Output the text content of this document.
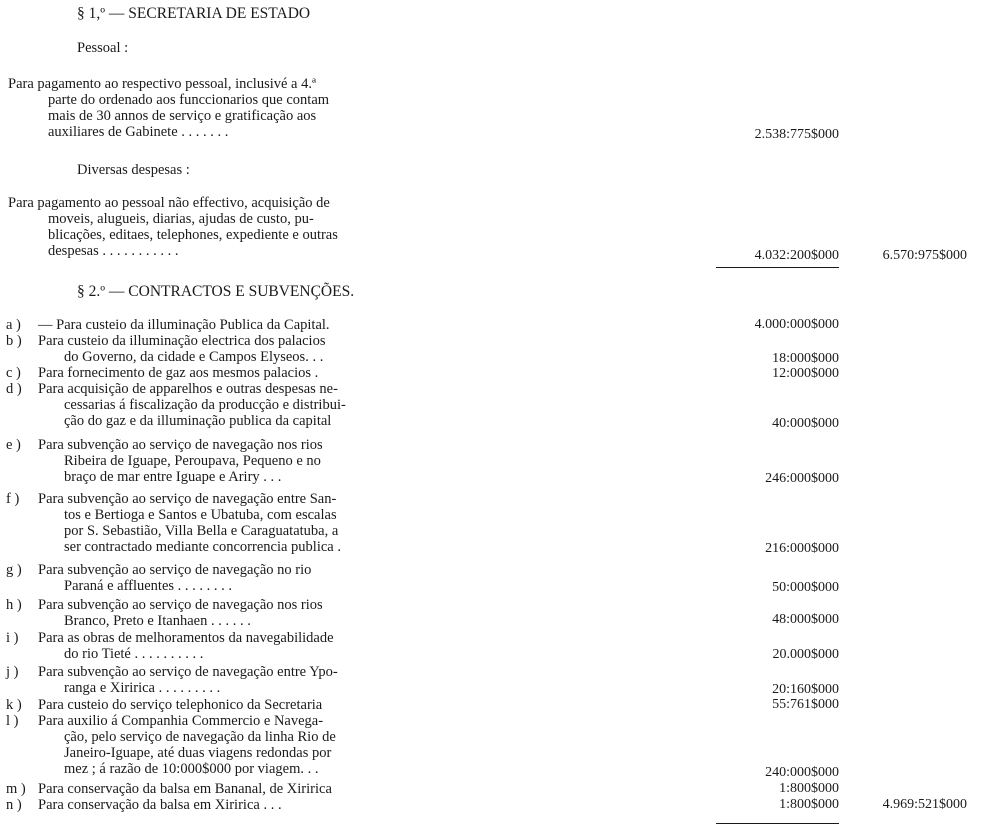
§ 1,º — SECRETARIA DE ESTADO
Pessoal :
Para pagamento ao respectivo pessoal, inclusivé a 4.ª
parte do ordenado aos funccionarios que contam
mais de 30 annos de serviço e gratificação aos
auxiliares de Gabinete . . . . . . .	2.538:775$000
Diversas despesas :
Para pagamento ao pessoal não effectivo, acquisição de
moveis, alugueis, diarias, ajudas de custo, pu-
blicações, editaes, telephones, expediente e outras
despesas . . . . . . . . . . .	4.032:200$000	6.570:975$000
§ 2.º — CONTRACTOS E SUBVENÇÕES.
a ) — Para custeio da illuminação Publica da Capital.	4.000:000$000
b ) Para custeio da illuminação electrica dos palacios
do Governo, da cidade e Campos Elyseos. . .	18:000$000
c ) Para fornecimento de gaz aos mesmos palacios .	12:000$000
d ) Para acquisição de apparelhos e outras despesas ne-
cessarias á fiscalização da producção e distribui-
ção do gaz e da illuminação publica da capital	40:000$000
e ) Para subvenção ao serviço de navegação nos rios
Ribeira de Iguape, Peroupava, Pequeno e no
braço de mar entre Iguape e Ariry . . .	246:000$000
f ) Para subvenção ao serviço de navegação entre San-
tos e Bertioga e Santos e Ubatuba, com escalas
por S. Sebastião, Villa Bella e Caraguatatuba, a
ser contractado mediante concorrencia publica .	216:000$000
g ) Para subvenção ao serviço de navegação no rio
Paraná e affluentes . . . . . . . .	50:000$000
h ) Para subvenção ao serviço de navegação nos rios
Branco, Preto e Itanhaen . . . . . .	48:000$000
i ) Para as obras de melhoramentos da navegabilidade
do rio Tieté . . . . . . . . . .	20.000$000
j ) Para subvenção ao serviço de navegação entre Ypo-
ranga e Xiririca . . . . . . . . .	20:160$000
k ) Para custeio do serviço telephonico da Secretaria	55:761$000
l ) Para auxilio á Companhia Commercio e Navega-
ção, pelo serviço de navegação da linha Rio de
Janeiro-Iguape, até duas viagens redondas por
mez ; á razão de 10:000$000 por viagem. . .	240:000$000
m ) Para conservação da balsa em Bananal, de Xiririca	1:800$000
n ) Para conservação da balsa em Xiririca . . .	1:800$000	4.969:521$000
